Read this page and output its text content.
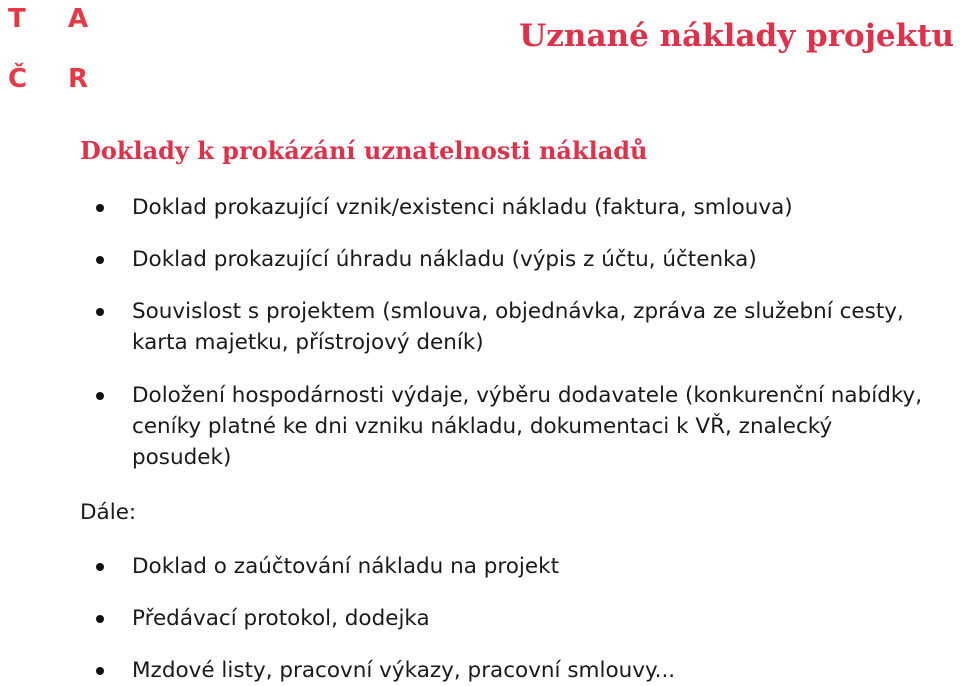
T A
Č R
Uznané náklady projektu
Doklady k prokázání uznatelnosti nákladů
Doklad prokazující vznik/existenci nákladu (faktura, smlouva)
Doklad prokazující úhradu nákladu (výpis z účtu, účtenka)
Souvislost s projektem (smlouva, objednávka, zpráva ze služební cesty,
karta majetku, přístrojový deník)
Doložení hospodárnosti výdaje, výběru dodavatele (konkurenční nabídky,
ceníky platné ke dni vzniku nákladu, dokumentaci k VŘ, znalecký
posudek)
Dále:
Doklad o zaúčtování nákladu na projekt
Předávací protokol, dodejka
Mzdové listy, pracovní výkazy, pracovní smlouvy...
